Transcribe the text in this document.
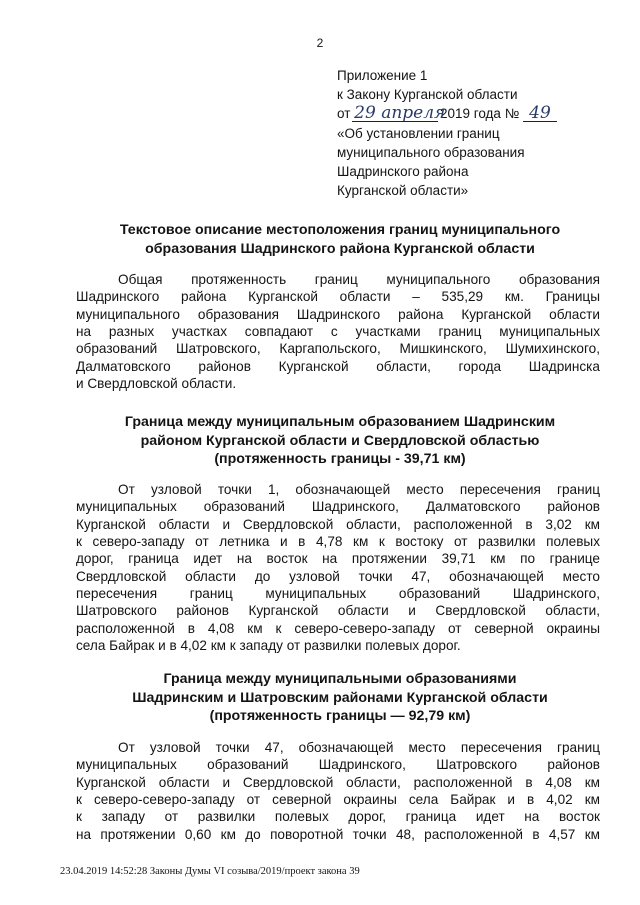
2
Приложение 1
к Закону Курганской области
от 29 апреля 2019 года № 49
«Об установлении границ
муниципального образования
Шадринского района
Курганской области»
Текстовое описание местоположения границ муниципального
образования Шадринского района Курганской области
Общая протяженность границ муниципального образования
Шадринского района Курганской области – 535,29 км. Границы
муниципального образования Шадринского района Курганской области
на разных участках совпадают с участками границ муниципальных
образований Шатровского, Каргапольского, Мишкинского, Шумихинского,
Далматовского районов Курганской области, города Шадринска
и Свердловской области.
Граница между муниципальным образованием Шадринским
районом Курганской области и Свердловской областью
(протяженность границы - 39,71 км)
От узловой точки 1, обозначающей место пересечения границ
муниципальных образований Шадринского, Далматовского районов
Курганской области и Свердловской области, расположенной в 3,02 км
к северо-западу от летника и в 4,78 км к востоку от развилки полевых
дорог, граница идет на восток на протяжении 39,71 км по границе
Свердловской области до узловой точки 47, обозначающей место
пересечения границ муниципальных образований Шадринского,
Шатровского районов Курганской области и Свердловской области,
расположенной в 4,08 км к северо-северо-западу от северной окраины
села Байрак и в 4,02 км к западу от развилки полевых дорог.
Граница между муниципальными образованиями
Шадринским и Шатровским районами Курганской области
(протяженность границы — 92,79 км)
От узловой точки 47, обозначающей место пересечения границ
муниципальных образований Шадринского, Шатровского районов
Курганской области и Свердловской области, расположенной в 4,08 км
к северо-северо-западу от северной окраины села Байрак и в 4,02 км
к западу от развилки полевых дорог, граница идет на восток
на протяжении 0,60 км до поворотной точки 48, расположенной в 4,57 км
23.04.2019 14:52:28 Законы Думы VI созыва/2019/проект закона 39
